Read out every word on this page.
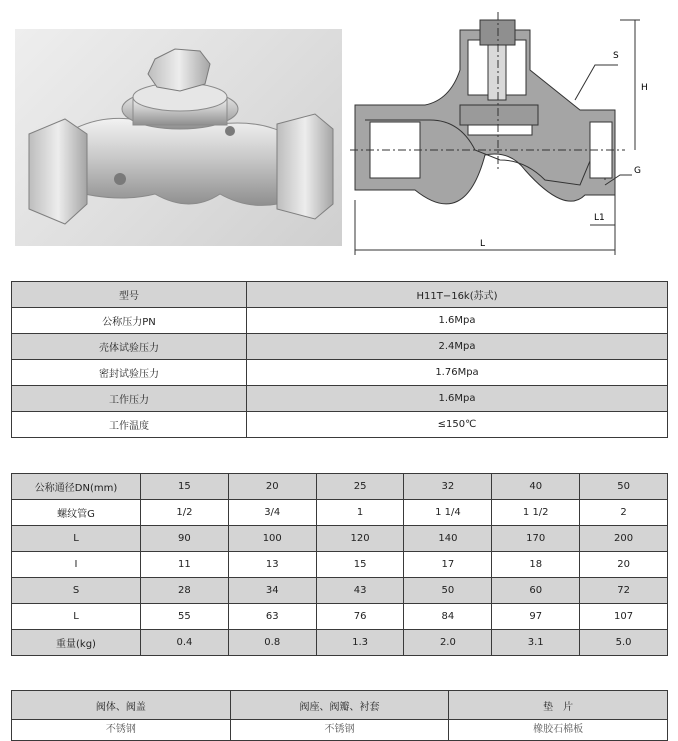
S
H
G
L1
L
型号	H11T−16k(苏式)
公称压力PN	1.6Mpa
壳体试验压力	2.4Mpa
密封试验压力	1.76Mpa
工作压力	1.6Mpa
工作温度	≤150℃
公称通径DN(mm)	15	20	25	32	40	50
螺纹管G	1/2	3/4	1	1 1/4	1 1/2	2
L	90	100	120	140	170	200
I	11	13	15	17	18	20
S	28	34	43	50	60	72
L	55	63	76	84	97	107
重量(kg)	0.4	0.8	1.3	2.0	3.1	5.0
阀体、阀盖	阀座、阀瓣、衬套	垫　片
不锈钢	不锈钢	橡胶石棉板
